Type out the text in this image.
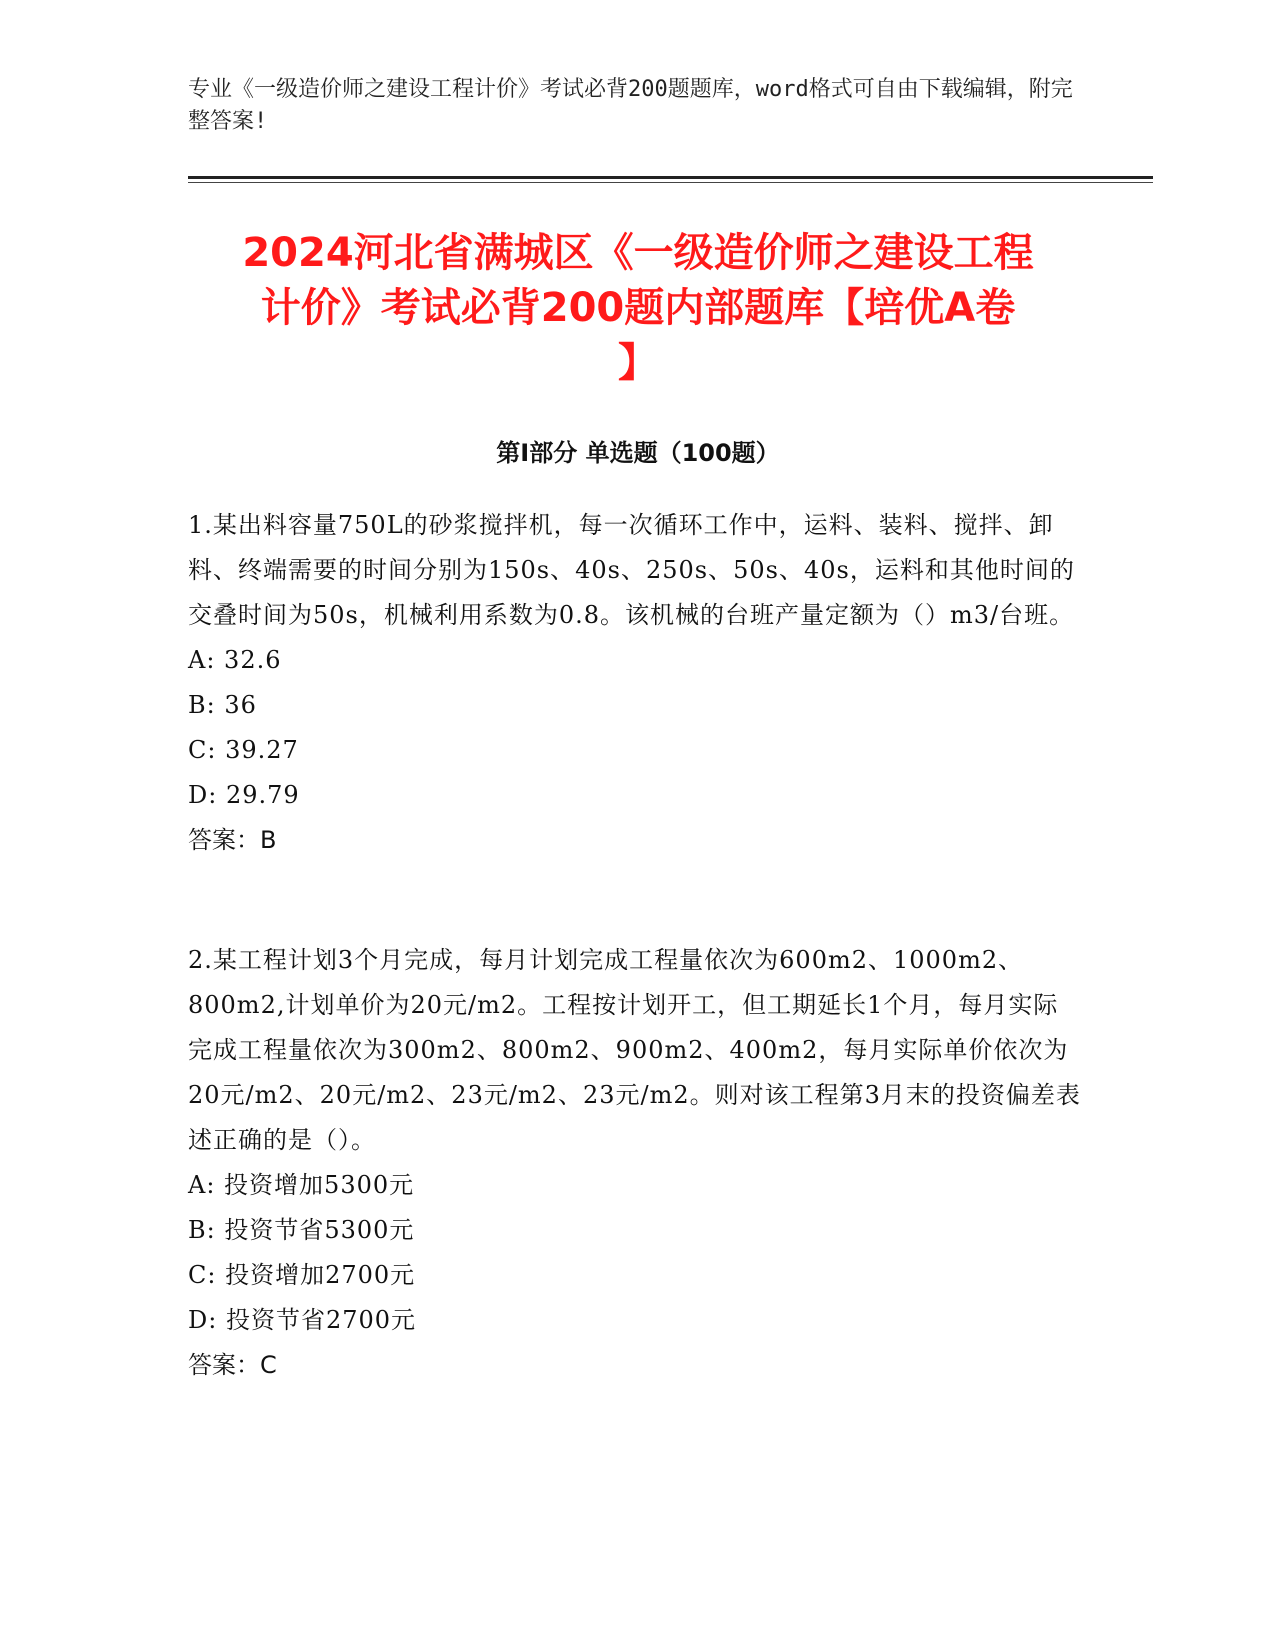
专业《一级造价师之建设工程计价》考试必背200题题库，word格式可自由下载编辑，附完整答案!
2024河北省满城区《一级造价师之建设工程
计价》考试必背200题内部题库【培优A卷
】
第Ⅰ部分 单选题（100题）

1.某出料容量750L的砂浆搅拌机，每一次循环工作中，运料、装料、搅拌、卸料、终端需要的时间分别为150s、40s、250s、50s、40s，运料和其他时间的交叠时间为50s，机械利用系数为0.8。该机械的台班产量定额为（）m3/台班。

A: 32.6

B: 36

C: 39.27

D: 29.79

答案：B

2.某工程计划3个月完成，每月计划完成工程量依次为600m2、1000m2、800m2,计划单价为20元/m2。工程按计划开工，但工期延长1个月，每月实际完成工程量依次为300m2、800m2、900m2、400m2，每月实际单价依次为20元/m2、20元/m2、23元/m2、23元/m2。则对该工程第3月末的投资偏差表述正确的是（）。

A: 投资增加5300元

B: 投资节省5300元

C: 投资增加2700元

D: 投资节省2700元

答案：C
